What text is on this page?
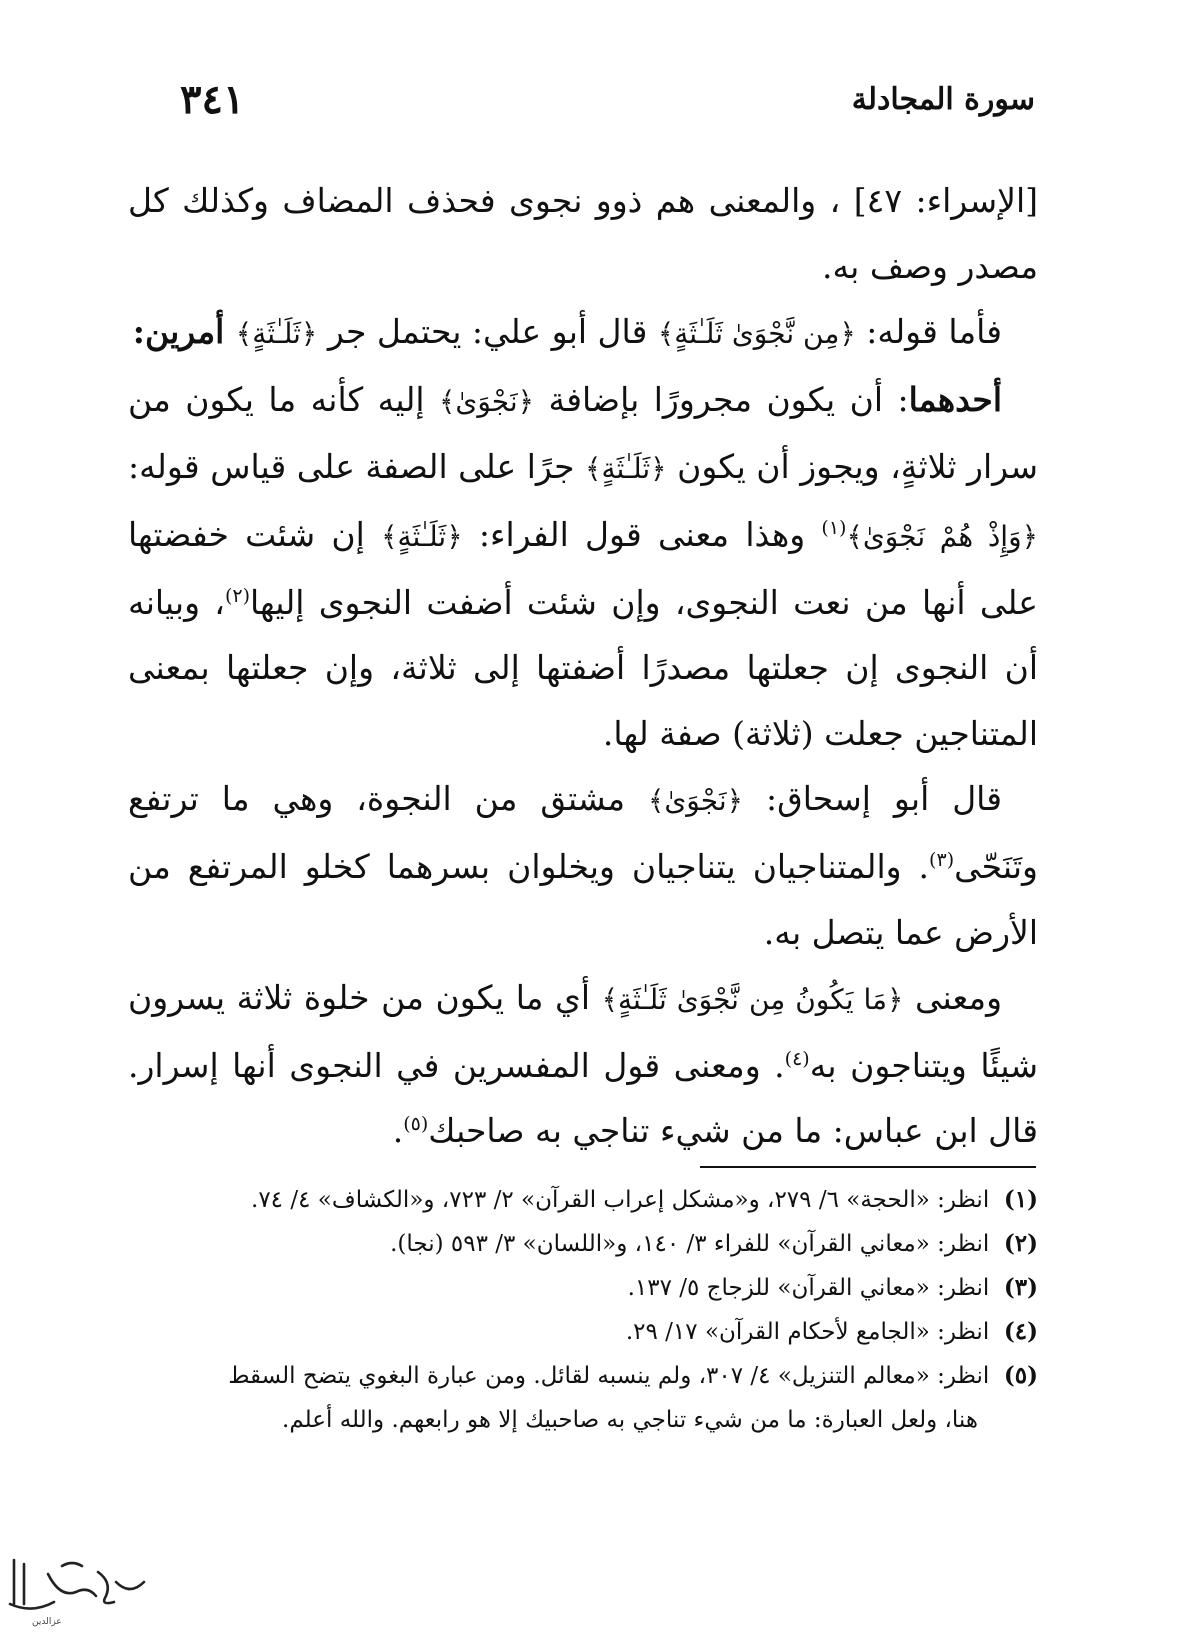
سورة المجادلة
٣٤١

[الإسراء: ٤٧] ، والمعنى هم ذوو نجوى فحذف المضاف وكذلك كل مصدر وصف به.

فأما قوله: ﴿مِن نَّجْوَىٰ ثَلَـٰثَةٍ﴾ قال أبو علي: يحتمل جر ﴿ثَلَـٰثَةٍ﴾ أمرين:

أحدهما: أن يكون مجرورًا بإضافة ﴿نَجْوَىٰ﴾ إليه كأنه ما يكون من سرار ثلاثةٍ، ويجوز أن يكون ﴿ثَلَـٰثَةٍ﴾ جرًا على الصفة على قياس قوله: ﴿وَإِذْ هُمْ نَجْوَىٰ﴾$^{(١)}$ وهذا معنى قول الفراء: ﴿ثَلَـٰثَةٍ﴾ إن شئت خفضتها على أنها من نعت النجوى، وإن شئت أضفت النجوى إليها$^{(٢)}$، وبيانه أن النجوى إن جعلتها مصدرًا أضفتها إلى ثلاثة، وإن جعلتها بمعنى المتناجين جعلت (ثلاثة) صفة لها.

قال أبو إسحاق: ﴿نَجْوَىٰ﴾ مشتق من النجوة، وهي ما ترتفع وتَنَحّى$^{(٣)}$. والمتناجيان يتناجيان ويخلوان بسرهما كخلو المرتفع من الأرض عما يتصل به.

ومعنى ﴿مَا يَكُونُ مِن نَّجْوَىٰ ثَلَـٰثَةٍ﴾ أي ما يكون من خلوة ثلاثة يسرون شيئًا ويتناجون به$^{(٤)}$. ومعنى قول المفسرين في النجوى أنها إسرار. قال ابن عباس: ما من شيء تناجي به صاحبك$^{(٥)}$.

(١)  انظر: «الحجة» ٦/ ٢٧٩، و«مشكل إعراب القرآن» ٢/ ٧٢٣، و«الكشاف» ٤/ ٧٤.

(٢)  انظر: «معاني القرآن» للفراء ٣/ ١٤٠، و«اللسان» ٣/ ٥٩٣ (نجا).

(٣)  انظر: «معاني القرآن» للزجاج ٥/ ١٣٧.

(٤)  انظر: «الجامع لأحكام القرآن» ١٧/ ٢٩.

(٥)  انظر: «معالم التنزيل» ٤/ ٣٠٧، ولم ينسبه لقائل. ومن عبارة البغوي يتضح السقط

هنا، ولعل العبارة: ما من شيء تناجي به صاحبيك إلا هو رابعهم. والله أعلم.

عزالدين
